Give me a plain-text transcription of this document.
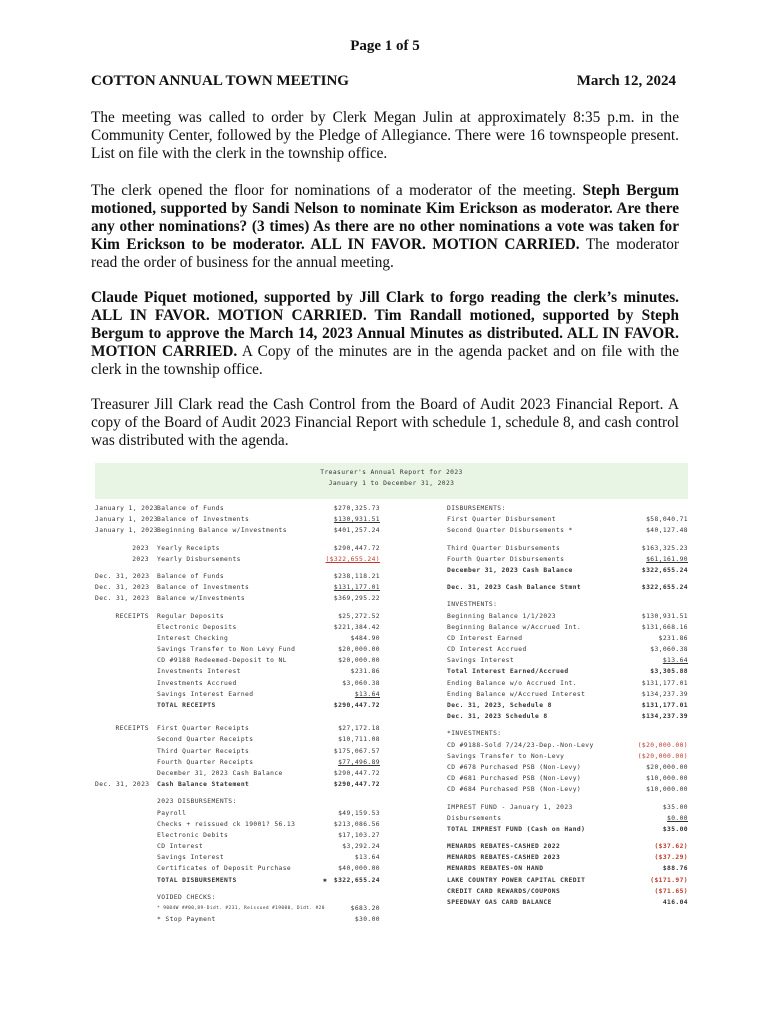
Page 1 of 5
COTTON ANNUAL TOWN MEETING	March 12, 2024
The meeting was called to order by Clerk Megan Julin at approximately 8:35 p.m. in the Community Center, followed by the Pledge of Allegiance. There were 16 townspeople present. List on file with the clerk in the township office.
The clerk opened the floor for nominations of a moderator of the meeting. Steph Bergum motioned, supported by Sandi Nelson to nominate Kim Erickson as moderator. Are there any other nominations? (3 times) As there are no other nominations a vote was taken for Kim Erickson to be moderator. ALL IN FAVOR. MOTION CARRIED. The moderator read the order of business for the annual meeting.
Claude Piquet motioned, supported by Jill Clark to forgo reading the clerk’s minutes. ALL IN FAVOR. MOTION CARRIED. Tim Randall motioned, supported by Steph Bergum to approve the March 14, 2023 Annual Minutes as distributed. ALL IN FAVOR. MOTION CARRIED. A Copy of the minutes are in the agenda packet and on file with the clerk in the township office.
Treasurer Jill Clark read the Cash Control from the Board of Audit 2023 Financial Report. A copy of the Board of Audit 2023 Financial Report with schedule 1, schedule 8, and cash control was distributed with the agenda.
Treasurer's Annual Report for 2023
January 1 to December 31, 2023
January 1, 2023 Balance of Funds	$270,325.73
January 1, 2023 Balance of Investments	$130,931.51
January 1, 2023 Beginning Balance w/Investments	$401,257.24
2023 Yearly Receipts	$290,447.72
2023 Yearly Disbursements	($322,655.24)
Dec. 31, 2023 Balance of Funds	$238,118.21
Dec. 31, 2023 Balance of Investments	$131,177.01
Dec. 31, 2023 Balance w/Investments	$369,295.22
RECEIPTS Regular Deposits	$25,272.52
Electronic Deposits	$221,384.42
Interest Checking	$484.90
Savings Transfer to Non Levy Fund	$20,000.00
CD #9188 Redeemed-Deposit to NL	$20,000.00
Investments Interest	$231.86
Investments Accrued	$3,060.38
Savings Interest Earned	$13.64
TOTAL RECEIPTS	$290,447.72
RECEIPTS First Quarter Receipts	$27,172.18
Second Quarter Receipts	$10,711.08
Third Quarter Receipts	$175,067.57
Fourth Quarter Receipts	$77,496.89
December 31, 2023 Cash Balance	$290,447.72
Dec. 31, 2023 Cash Balance Statement	$290,447.72
2023 DISBURSEMENTS:
Payroll	$49,159.53
Checks + reissued ck 19001? 56.13	$213,086.56
Electronic Debits	$17,103.27
CD Interest	$3,292.24
Savings Interest	$13.64
Certificates of Deposit Purchase	$40,000.00
TOTAL DISBURSEMENTS	✱ $322,655.24
VOIDED CHECKS:
* 9004W ##00,89-Didt. #231, Reissued #19000, Didt. #20	$683.20
* Stop Payment	$30.00
DISBURSEMENTS:
First Quarter Disbursement	$58,040.71
Second Quarter Disbursements *	$40,127.48
Third Quarter Disbursements	$163,325.23
Fourth Quarter Disbursements	$61,161.90
December 31, 2023 Cash Balance	$322,655.24
Dec. 31, 2023 Cash Balance Stmnt	$322,655.24
INVESTMENTS:
Beginning Balance 1/1/2023	$130,931.51
Beginning Balance w/Accrued Int.	$131,668.16
CD Interest Earned	$231.86
CD Interest Accrued	$3,060.38
Savings Interest	$13.64
Total Interest Earned/Accrued	$3,305.88
Ending Balance w/o Accrued Int.	$131,177.01
Ending Balance w/Accrued Interest	$134,237.39
Dec. 31, 2023, Schedule 8	$131,177.01
Dec. 31, 2023 Schedule 8	$134,237.39
*INVESTMENTS:
CD #9188-Sold 7/24/23-Dep.-Non-Levy	($20,000.00)
Savings Transfer to Non-Levy	($20,000.00)
CD #678 Purchased PSB (Non-Levy)	$20,000.00
CD #681 Purchased PSB (Non-Levy)	$10,000.00
CD #684 Purchased PSB (Non-Levy)	$10,000.00
IMPREST FUND - January 1, 2023	$35.00
Disbursements	$0.00
TOTAL IMPREST FUND (Cash on Hand)	$35.00
MENARDS REBATES-CASHED 2022	($37.62)
MENARDS REBATES-CASHED 2023	($37.29)
MENARDS REBATES-ON HAND	$88.76
LAKE COUNTRY POWER CAPITAL CREDIT	($171.97)
CREDIT CARD REWARDS/COUPONS	($71.65)
SPEEDWAY GAS CARD BALANCE	416.04
